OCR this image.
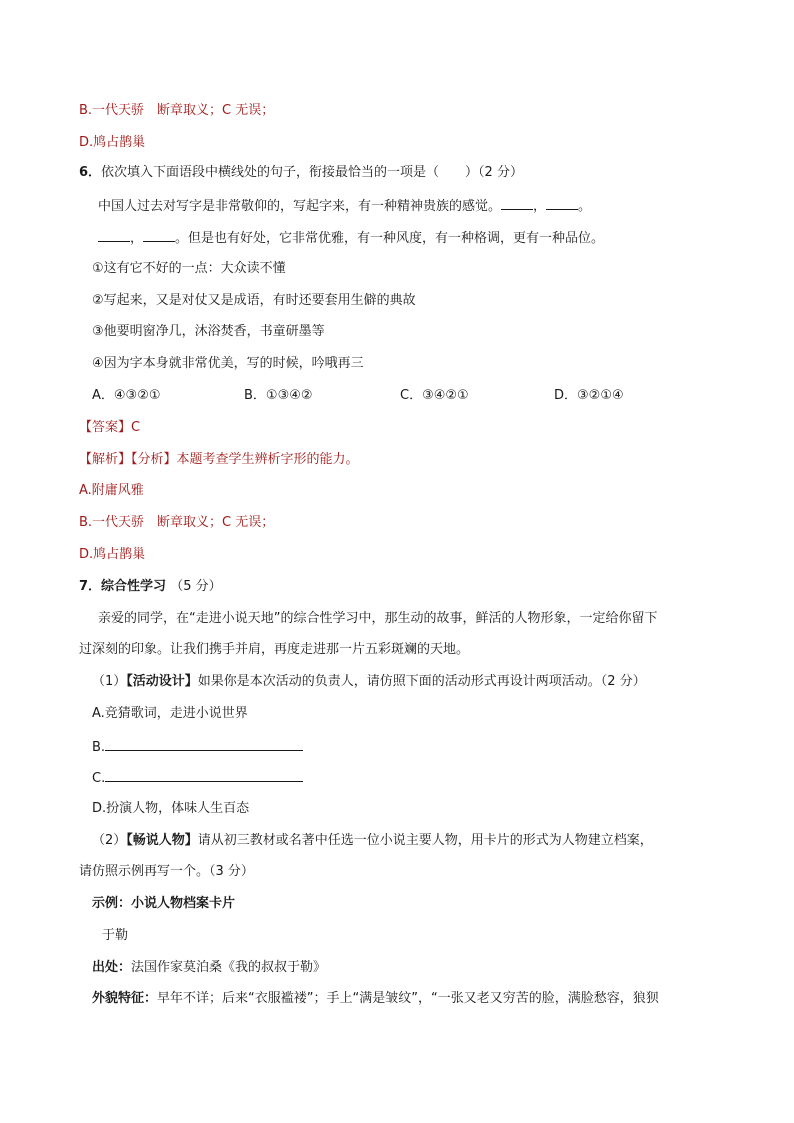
B.一代天骄　断章取义；C 无误；
D.鸠占鹊巢
6．依次填入下面语段中横线处的句子，衔接最恰当的一项是（　　）（2 分）
中国人过去对写字是非常敬仰的，写起字来，有一种精神贵族的感觉。 ， 。
， 。但是也有好处，它非常优雅，有一种风度，有一种格调，更有一种品位。
①这有它不好的一点：大众读不懂
②写起来，又是对仗又是成语，有时还要套用生僻的典故
③他要明窗净几，沐浴焚香，书童研墨等
④因为字本身就非常优美，写的时候，吟哦再三
A．④③②①	B．①③④②	C．③④②①	D．③②①④
【答案】C
【解析】【分析】本题考查学生辨析字形的能力。
A.附庸风雅
B.一代天骄　断章取义；C 无误；
D.鸠占鹊巢
7．综合性学习 （5 分）
亲爱的同学，在“走进小说天地”的综合性学习中，那生动的故事，鲜活的人物形象，一定给你留下
过深刻的印象。让我们携手并肩，再度走进那一片五彩斑斓的天地。
（1）【活动设计】如果你是本次活动的负责人，请仿照下面的活动形式再设计两项活动。（2 分）
A.竞猜歌词，走进小说世界
B.
C.
D.扮演人物，体味人生百态
（2）【畅说人物】请从初三教材或名著中任选一位小说主要人物，用卡片的形式为人物建立档案，
请仿照示例再写一个。（3 分）
示例：小说人物档案卡片
于勒
出处：法国作家莫泊桑《我的叔叔于勒》
外貌特征：早年不详；后来“衣服褴褛”；手上“满是皱纹”，“一张又老又穷苦的脸，满脸愁容，狼狈
